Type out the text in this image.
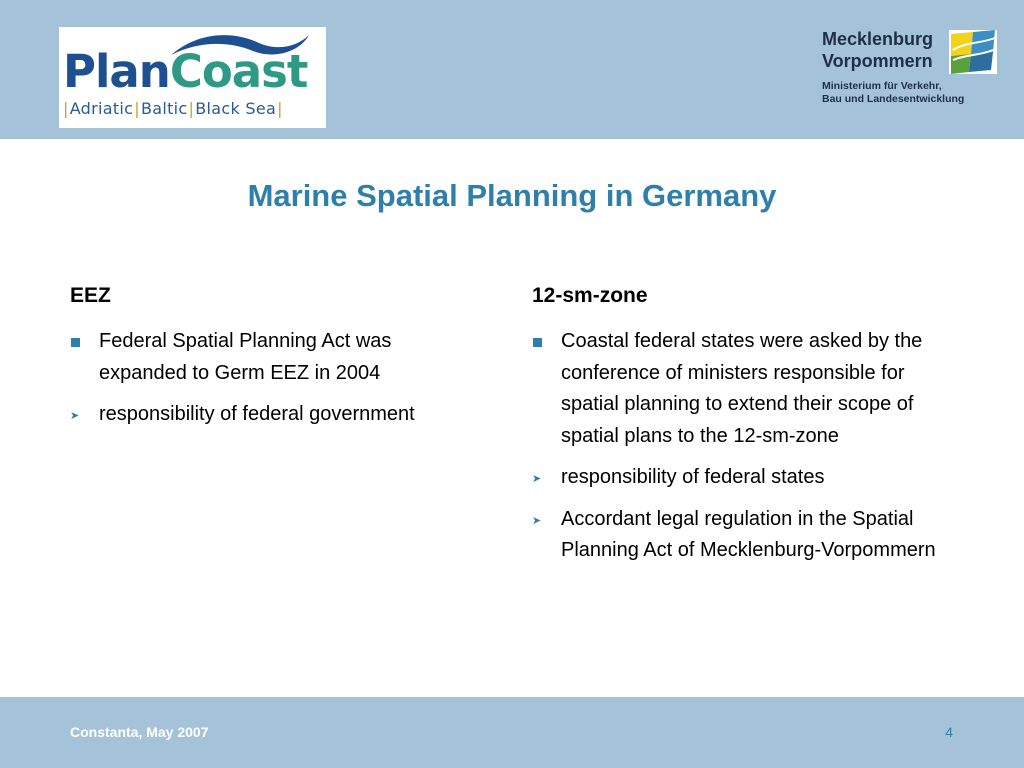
PlanCoast

|Adriatic|Baltic|Black Sea|

Mecklenburg
Vorpommern

Ministerium für Verkehr,
Bau und Landesentwicklung

Marine Spatial Planning in Germany
EEZ
Federal Spatial Planning Act was expanded to Germ EEZ in 2004
➤ responsibility of federal government
12-sm-zone
Coastal federal states were asked by the conference of ministers responsible for spatial planning to extend their scope of spatial plans to the 12-sm-zone
➤ responsibility of federal states
➤ Accordant legal regulation in the Spatial Planning Act of Mecklenburg-Vorpommern

Constanta, May 2007	4
